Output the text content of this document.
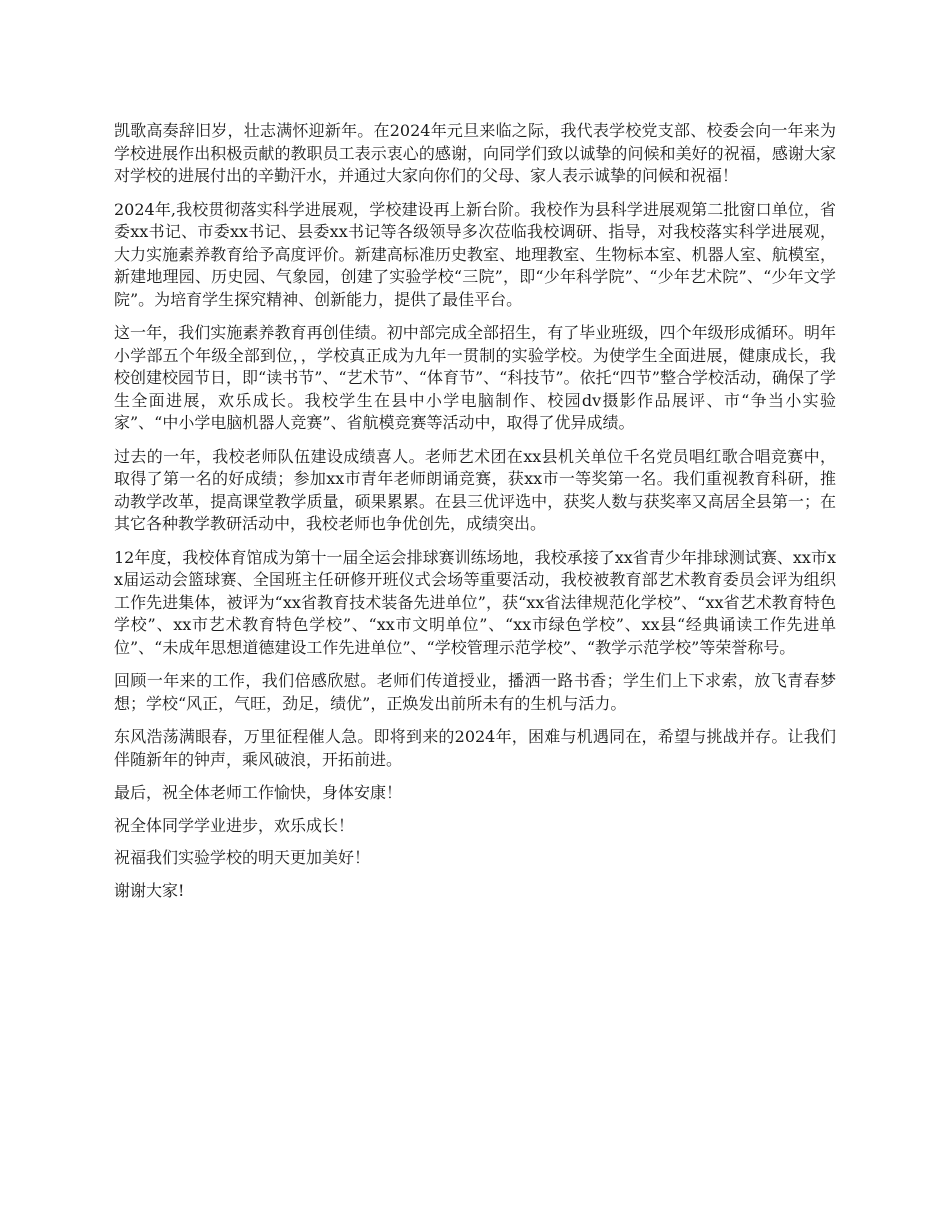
凯歌高奏辞旧岁，壮志满怀迎新年。在2024年元旦来临之际，我代表学校党支部、校委会向一年来为学校进展作出积极贡献的教职员工表示衷心的感谢，向同学们致以诚挚的问候和美好的祝福，感谢大家对学校的进展付出的辛勤汗水，并通过大家向你们的父母、家人表示诚挚的问候和祝福！

2024年,我校贯彻落实科学进展观，学校建设再上新台阶。我校作为县科学进展观第二批窗口单位，省委xx书记、市委xx书记、县委xx书记等各级领导多次莅临我校调研、指导，对我校落实科学进展观，大力实施素养教育给予高度评价。新建高标准历史教室、地理教室、生物标本室、机器人室、航模室，新建地理园、历史园、气象园，创建了实验学校“三院”，即“少年科学院”、“少年艺术院”、“少年文学院”。为培育学生探究精神、创新能力，提供了最佳平台。

这一年，我们实施素养教育再创佳绩。初中部完成全部招生，有了毕业班级，四个年级形成循环。明年小学部五个年级全部到位，，学校真正成为九年一贯制的实验学校。为使学生全面进展，健康成长，我校创建校园节日，即“读书节”、“艺术节”、“体育节”、“科技节”。依托“四节”整合学校活动，确保了学生全面进展，欢乐成长。我校学生在县中小学电脑制作、校园dv摄影作品展评、市“争当小实验家”、“中小学电脑机器人竞赛”、省航模竞赛等活动中，取得了优异成绩。

过去的一年，我校老师队伍建设成绩喜人。老师艺术团在xx县机关单位千名党员唱红歌合唱竞赛中，取得了第一名的好成绩；参加xx市青年老师朗诵竞赛，获xx市一等奖第一名。我们重视教育科研，推动教学改革，提高课堂教学质量，硕果累累。在县三优评选中，获奖人数与获奖率又高居全县第一；在其它各种教学教研活动中，我校老师也争优创先，成绩突出。

12年度，我校体育馆成为第十一届全运会排球赛训练场地，我校承接了xx省青少年排球测试赛、xx市xx届运动会篮球赛、全国班主任研修开班仪式会场等重要活动，我校被教育部艺术教育委员会评为组织工作先进集体，被评为“xx省教育技术装备先进单位”，获“xx省法律规范化学校”、“xx省艺术教育特色学校”、xx市艺术教育特色学校”、“xx市文明单位”、“xx市绿色学校”、xx县“经典诵读工作先进单位”、“未成年思想道德建设工作先进单位”、“学校管理示范学校”、“教学示范学校”等荣誉称号。

回顾一年来的工作，我们倍感欣慰。老师们传道授业，播洒一路书香；学生们上下求索，放飞青春梦想；学校“风正，气旺，劲足，绩优”，正焕发出前所未有的生机与活力。

东风浩荡满眼春，万里征程催人急。即将到来的2024年，困难与机遇同在，希望与挑战并存。让我们伴随新年的钟声，乘风破浪，开拓前进。

最后，祝全体老师工作愉快，身体安康！

祝全体同学学业进步，欢乐成长！

祝福我们实验学校的明天更加美好！

谢谢大家!
